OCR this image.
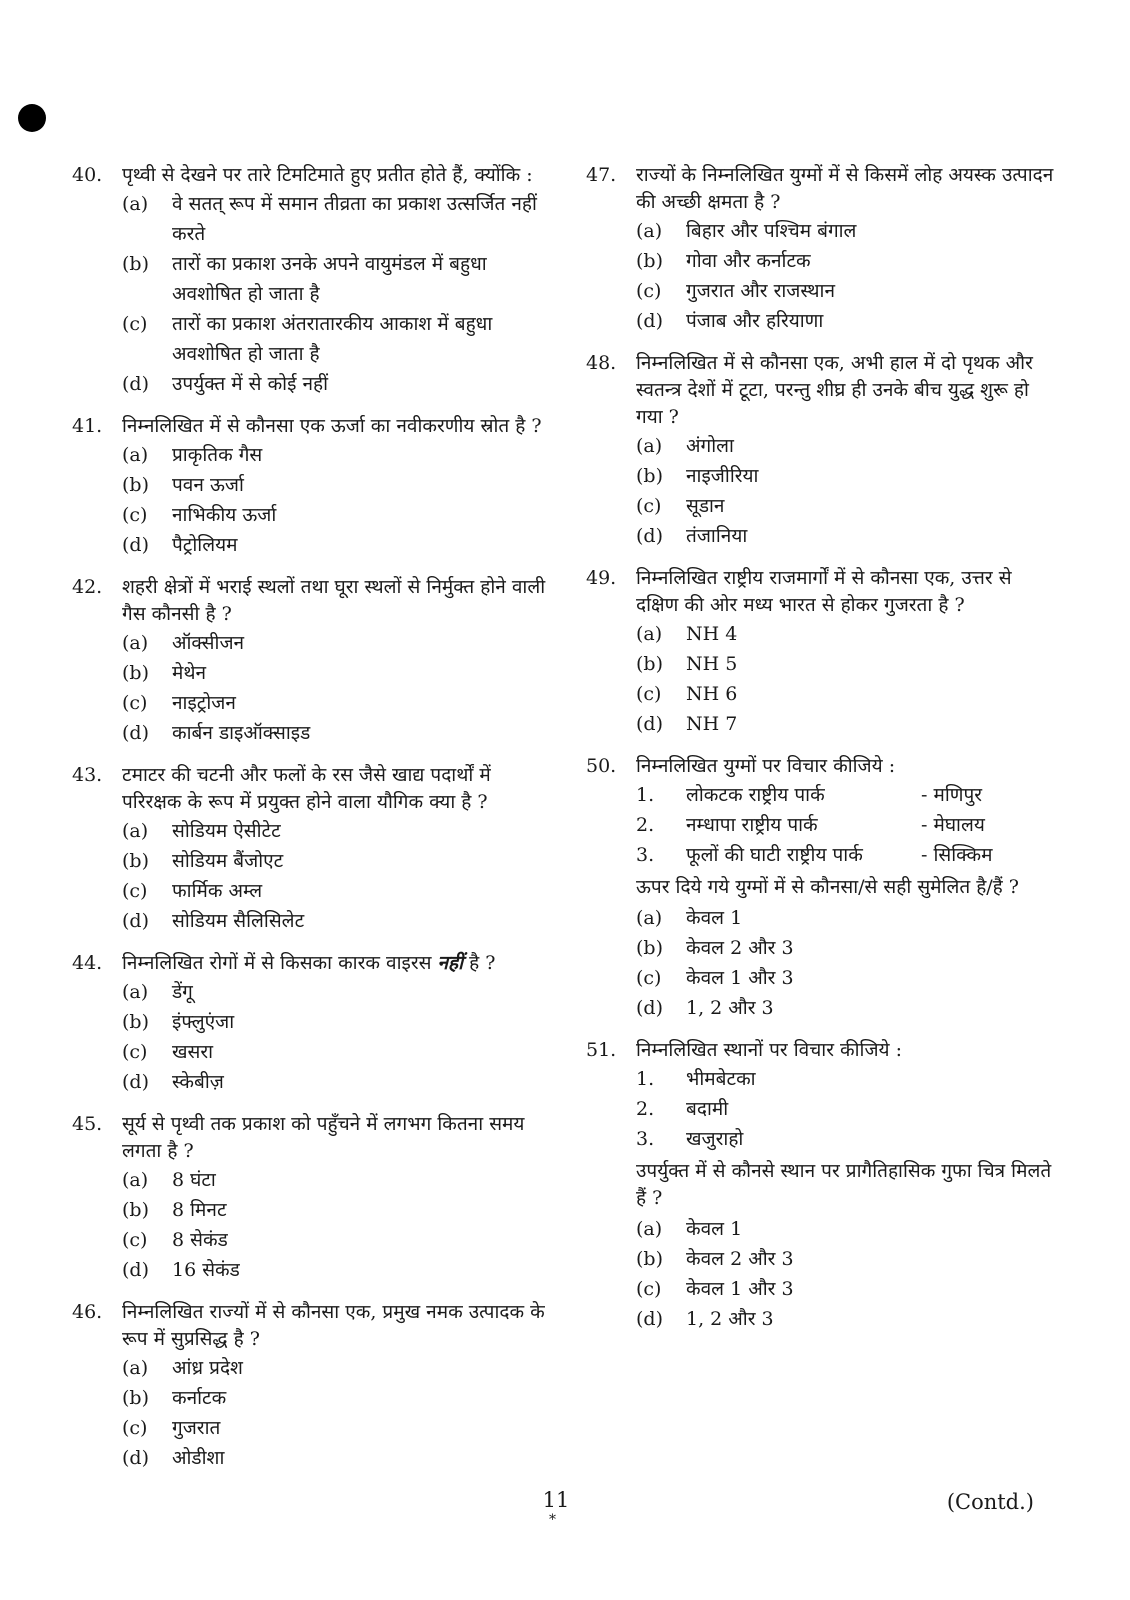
40.	पृथ्वी से देखने पर तारे टिमटिमाते हुए प्रतीत होते हैं, क्योंकि :
(a)	वे सतत् रूप में समान तीव्रता का प्रकाश उत्सर्जित नहीं करते
(b)	तारों का प्रकाश उनके अपने वायुमंडल में बहुधा अवशोषित हो जाता है
(c)	तारों का प्रकाश अंतरातारकीय आकाश में बहुधा अवशोषित हो जाता है
(d)	उपर्युक्त में से कोई नहीं
41.	निम्नलिखित में से कौनसा एक ऊर्जा का नवीकरणीय स्रोत है ?
(a)	प्राकृतिक गैस
(b)	पवन ऊर्जा
(c)	नाभिकीय ऊर्जा
(d)	पैट्रोलियम
42.	शहरी क्षेत्रों में भराई स्थलों तथा घूरा स्थलों से निर्मुक्त होने वाली गैस कौनसी है ?
(a)	ऑक्सीजन
(b)	मेथेन
(c)	नाइट्रोजन
(d)	कार्बन डाइऑक्साइड
43.	टमाटर की चटनी और फलों के रस जैसे खाद्य पदार्थों में परिरक्षक के रूप में प्रयुक्त होने वाला यौगिक क्या है ?
(a)	सोडियम ऐसीटेट
(b)	सोडियम बैंजोएट
(c)	फार्मिक अम्ल
(d)	सोडियम सैलिसिलेट
44.	निम्नलिखित रोगों में से किसका कारक वाइरस नहीं है ?
(a)	डेंगू
(b)	इंफ्लुएंजा
(c)	खसरा
(d)	स्केबीज़
45.	सूर्य से पृथ्वी तक प्रकाश को पहुँचने में लगभग कितना समय लगता है ?
(a)	8 घंटा
(b)	8 मिनट
(c)	8 सेकंड
(d)	16 सेकंड
46.	निम्नलिखित राज्यों में से कौनसा एक, प्रमुख नमक उत्पादक के रूप में सुप्रसिद्ध है ?
(a)	आंध्र प्रदेश
(b)	कर्नाटक
(c)	गुजरात
(d)	ओडीशा
47.	राज्यों के निम्नलिखित युग्मों में से किसमें लोह अयस्क उत्पादन की अच्छी क्षमता है ?
(a)	बिहार और पश्चिम बंगाल
(b)	गोवा और कर्नाटक
(c)	गुजरात और राजस्थान
(d)	पंजाब और हरियाणा
48.	निम्नलिखित में से कौनसा एक, अभी हाल में दो पृथक और स्वतन्त्र देशों में टूटा, परन्तु शीघ्र ही उनके बीच युद्ध शुरू हो गया ?
(a)	अंगोला
(b)	नाइजीरिया
(c)	सूडान
(d)	तंजानिया
49.	निम्नलिखित राष्ट्रीय राजमार्गों में से कौनसा एक, उत्तर से दक्षिण की ओर मध्य भारत से होकर गुजरता है ?
(a)	NH 4
(b)	NH 5
(c)	NH 6
(d)	NH 7
50.	निम्नलिखित युग्मों पर विचार कीजिये :
1.	लोकटक राष्ट्रीय पार्क	- मणिपुर
2.	नम्धापा राष्ट्रीय पार्क	- मेघालय
3.	फूलों की घाटी राष्ट्रीय पार्क	- सिक्किम
ऊपर दिये गये युग्मों में से कौनसा/से सही सुमेलित है/हैं ?
(a)	केवल 1
(b)	केवल 2 और 3
(c)	केवल 1 और 3
(d)	1, 2 और 3
51.	निम्नलिखित स्थानों पर विचार कीजिये :
1.	भीमबेटका
2.	बदामी
3.	खजुराहो
उपर्युक्त में से कौनसे स्थान पर प्रागैतिहासिक गुफा चित्र मिलते हैं ?
(a)	केवल 1
(b)	केवल 2 और 3
(c)	केवल 1 और 3
(d)	1, 2 और 3
11
*
(Contd.)
